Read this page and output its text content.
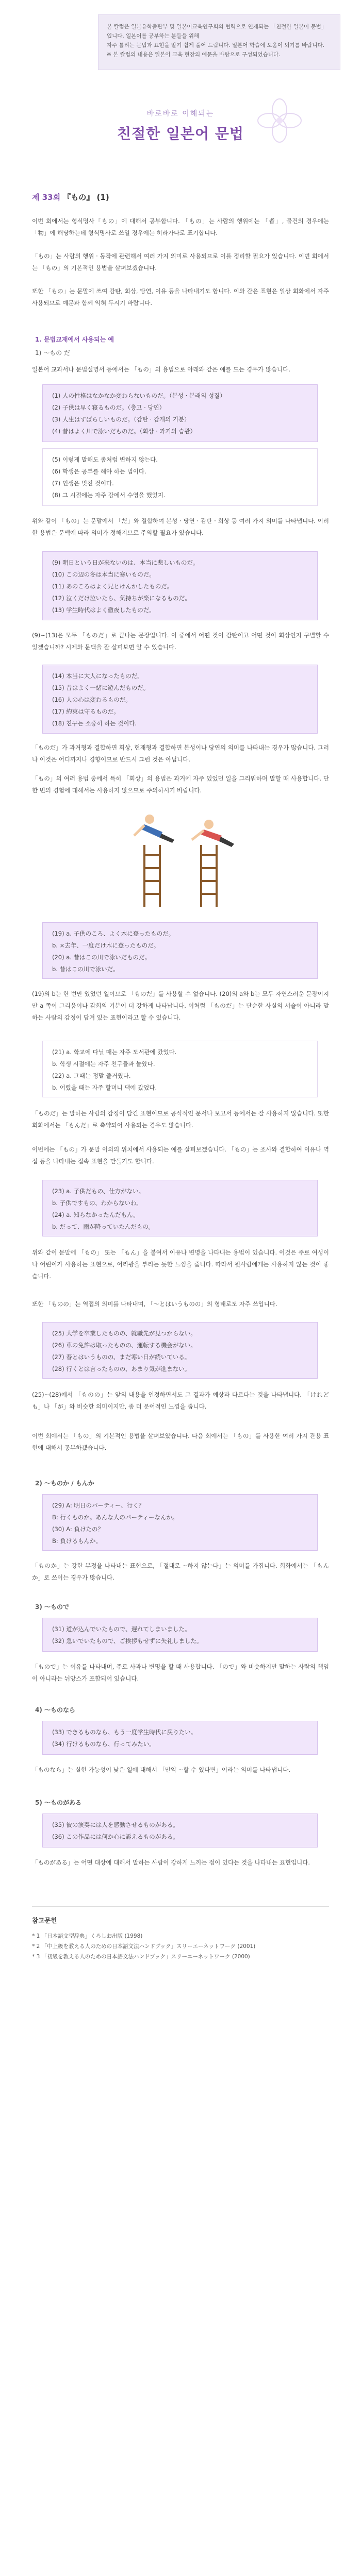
본 칼럼은 일본유학출판부 및 일본어교육연구회의 협력으로 연재되는 「친절한 일본어 문법」 입니다. 일본어를 공부하는 분들을 위해
자주 틀리는 문법과 표현을 알기 쉽게 풀어 드립니다. 일본어 학습에 도움이 되기를 바랍니다.
※ 본 칼럼의 내용은 일본어 교육 현장의 예문을 바탕으로 구성되었습니다.
바로바로 이해되는
친절한 일본어 문법
제 33회 『もの』 (1)
이번 회에서는 형식명사「もの」에 대해서 공부합니다. 「もの」는 사람의 행위에는 「者」, 물건의 경우에는 「物」에 해당하는데 형식명사로 쓰일 경우에는 히라가나로 표기합니다.
「もの」는 사람의 행위 · 동작에 관련해서 여러 가지 의미로 사용되므로 이를 정리할 필요가 있습니다. 이번 회에서는 「もの」의 기본적인 용법을 살펴보겠습니다.
또한 「もの」는 문말에 쓰여 감탄, 회상, 당연, 이유 등을 나타내기도 합니다. 이와 같은 표현은 일상 회화에서 자주 사용되므로 예문과 함께 익혀 두시기 바랍니다.
1. 문법교재에서 사용되는 예
1) ～もの だ
일본어 교과서나 문법설명서 등에서는 「もの」의 용법으로 아래와 같은 예를 드는 경우가 많습니다.
(1) 人の性格はなかなか変わらないものだ。（본성 · 본래의 성질）
(2) 子供は早く寝るものだ。（충고 · 당연）
(3) 人生はすばらしいものだ。（감탄 · 감개의 기분）
(4) 昔はよく川で泳いだものだ。（회상 · 과거의 습관）
(5) 이렇게 말해도 좀처럼 변하지 않는다.
(6) 학생은 공부를 해야 하는 법이다.
(7) 인생은 멋진 것이다.
(8) 그 시절에는 자주 강에서 수영을 했었지.
위와 같이 「もの」는 문말에서 「だ」와 결합하여 본성 · 당연 · 감탄 · 회상 등 여러 가지 의미를 나타냅니다. 이러한 용법은 문맥에 따라 의미가 정해지므로 주의할 필요가 있습니다.
(9) 明日という日が来ないのは、本当に悲しいものだ。
(10) この辺の冬は本当に寒いものだ。
(11) あのころはよく兄とけんかしたものだ。
(12) 泣くだけ泣いたら、気持ちが楽になるものだ。
(13) 学生時代はよく徹夜したものだ。
(9)~(13)은 모두 「ものだ」로 끝나는 문장입니다. 이 중에서 어떤 것이 감탄이고 어떤 것이 회상인지 구별할 수 있겠습니까? 시제와 문맥을 잘 살펴보면 알 수 있습니다.
(14) 本当に大人になったものだ。
(15) 昔はよく一緒に遊んだものだ。
(16) 人の心は変わるものだ。
(17) 約束は守るものだ。
(18) 친구는 소중히 하는 것이다.
「ものだ」가 과거형과 결합하면 회상, 현재형과 결합하면 본성이나 당연의 의미를 나타내는 경우가 많습니다. 그러나 이것은 어디까지나 경향이므로 반드시 그런 것은 아닙니다.
「もの」의 여러 용법 중에서 특히 「회상」의 용법은 과거에 자주 있었던 일을 그리워하며 말할 때 사용합니다. 단 한 번의 경험에 대해서는 사용하지 않으므로 주의하시기 바랍니다.
(19) a. 子供のころ、よく木に登ったものだ。
b. ×去年、一度だけ木に登ったものだ。
(20) a. 昔はこの川で泳いだものだ。
b. 昔はこの川で泳いだ。
(19)의 b는 한 번만 있었던 일이므로 「ものだ」를 사용할 수 없습니다. (20)의 a와 b는 모두 자연스러운 문장이지만 a 쪽이 그리움이나 감회의 기분이 더 강하게 나타납니다. 이처럼 「ものだ」는 단순한 사실의 서술이 아니라 말하는 사람의 감정이 담겨 있는 표현이라고 할 수 있습니다.
(21) a. 학교에 다닐 때는 자주 도서관에 갔었다.
b. 학생 시절에는 자주 친구들과 놀았다.
(22) a. 그때는 정말 즐거웠다.
b. 어렸을 때는 자주 할머니 댁에 갔었다.
「ものだ」는 말하는 사람의 감정이 담긴 표현이므로 공식적인 문서나 보고서 등에서는 잘 사용하지 않습니다. 또한 회화에서는 「もんだ」로 축약되어 사용되는 경우도 많습니다.
이번에는 「もの」가 문말 이외의 위치에서 사용되는 예를 살펴보겠습니다. 「もの」는 조사와 결합하여 이유나 역접 등을 나타내는 접속 표현을 만들기도 합니다.
(23) a. 子供だもの、仕方がない。
b. 子供ですもの、わからないわ。
(24) a. 知らなかったんだもん。
b. だって、雨が降っていたんだもの。
위와 같이 문말에 「もの」 또는 「もん」을 붙여서 이유나 변명을 나타내는 용법이 있습니다. 이것은 주로 여성이나 어린이가 사용하는 표현으로, 어리광을 부리는 듯한 느낌을 줍니다. 따라서 윗사람에게는 사용하지 않는 것이 좋습니다.
또한 「ものの」는 역접의 의미를 나타내며, 「～とはいうものの」의 형태로도 자주 쓰입니다.
(25) 大学を卒業したものの、就職先が見つからない。
(26) 車の免許は取ったものの、運転する機会がない。
(27) 春とはいうものの、まだ寒い日が続いている。
(28) 行くとは言ったものの、あまり気が進まない。
(25)~(28)에서 「ものの」는 앞의 내용을 인정하면서도 그 결과가 예상과 다르다는 것을 나타냅니다. 「けれども」나 「が」와 비슷한 의미이지만, 좀 더 문어적인 느낌을 줍니다.
이번 회에서는 「もの」의 기본적인 용법을 살펴보았습니다. 다음 회에서는 「もの」를 사용한 여러 가지 관용 표현에 대해서 공부하겠습니다.
2) ～ものか / もんか
(29) A: 明日のパーティー、行く？
B: 行くものか。あんな人のパーティーなんか。
(30) A: 負けたの？
B: 負けるもんか。
「ものか」는 강한 부정을 나타내는 표현으로, 「절대로 ~하지 않는다」는 의미를 가집니다. 회화에서는 「もんか」로 쓰이는 경우가 많습니다.
3) ～もので
(31) 道が込んでいたもので、遅れてしまいました。
(32) 急いでいたもので、ご挨拶もせずに失礼しました。
「もので」는 이유를 나타내며, 주로 사과나 변명을 할 때 사용합니다. 「ので」와 비슷하지만 말하는 사람의 책임이 아니라는 뉘앙스가 포함되어 있습니다.
4) ～ものなら
(33) できるものなら、もう一度学生時代に戻りたい。
(34) 行けるものなら、行ってみたい。
「ものなら」는 실현 가능성이 낮은 일에 대해서 「만약 ~할 수 있다면」이라는 의미를 나타냅니다.
5) ～ものがある
(35) 彼の演奏には人を感動させるものがある。
(36) この作品には何か心に訴えるものがある。
「ものがある」는 어떤 대상에 대해서 말하는 사람이 강하게 느끼는 점이 있다는 것을 나타내는 표현입니다.
참고문헌
* 1 「日本語文型辞典」くろしお出版 (1998)
* 2 「中上級を教える人のための日本語文法ハンドブック」スリーエーネットワーク (2001)
* 3 「初級を教える人のための日本語文法ハンドブック」スリーエーネットワーク (2000)
